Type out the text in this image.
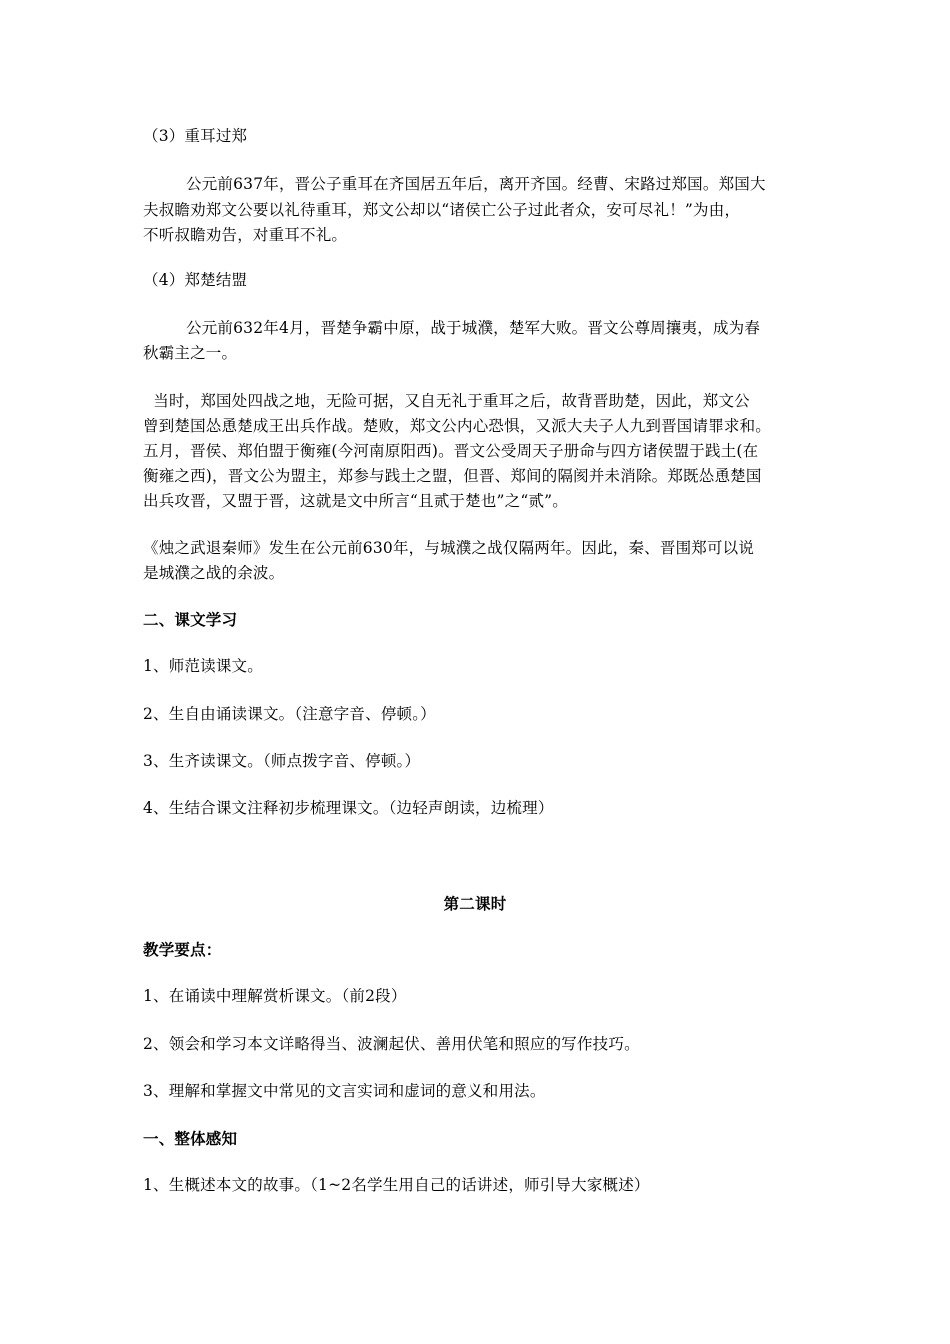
（3）重耳过郑
公元前637年，晋公子重耳在齐国居五年后，离开齐国。经曹、宋路过郑国。郑国大
夫叔瞻劝郑文公要以礼待重耳，郑文公却以“诸侯亡公子过此者众，安可尽礼！”为由，
不听叔瞻劝告，对重耳不礼。
（4）郑楚结盟
公元前632年4月，晋楚争霸中原，战于城濮，楚军大败。晋文公尊周攘夷，成为春
秋霸主之一。
当时，郑国处四战之地，无险可据，又自无礼于重耳之后，故背晋助楚，因此，郑文公
曾到楚国怂恿楚成王出兵作战。楚败，郑文公内心恐惧，又派大夫子人九到晋国请罪求和。
五月，晋侯、郑伯盟于衡雍(今河南原阳西)。晋文公受周天子册命与四方诸侯盟于践土(在
衡雍之西)，晋文公为盟主，郑参与践土之盟，但晋、郑间的隔阂并未消除。郑既怂恿楚国
出兵攻晋，又盟于晋，这就是文中所言“且贰于楚也”之“贰”。
《烛之武退秦师》发生在公元前630年，与城濮之战仅隔两年。因此，秦、晋围郑可以说
是城濮之战的余波。
二、课文学习
1、师范读课文。
2、生自由诵读课文。（注意字音、停顿。）
3、生齐读课文。（师点拨字音、停顿。）
4、生结合课文注释初步梳理课文。（边轻声朗读，边梳理）
第二课时
教学要点：
1、在诵读中理解赏析课文。（前2段）
2、领会和学习本文详略得当、波澜起伏、善用伏笔和照应的写作技巧。
3、理解和掌握文中常见的文言实词和虚词的意义和用法。
一、整体感知
1、生概述本文的故事。（1~2名学生用自己的话讲述，师引导大家概述）
